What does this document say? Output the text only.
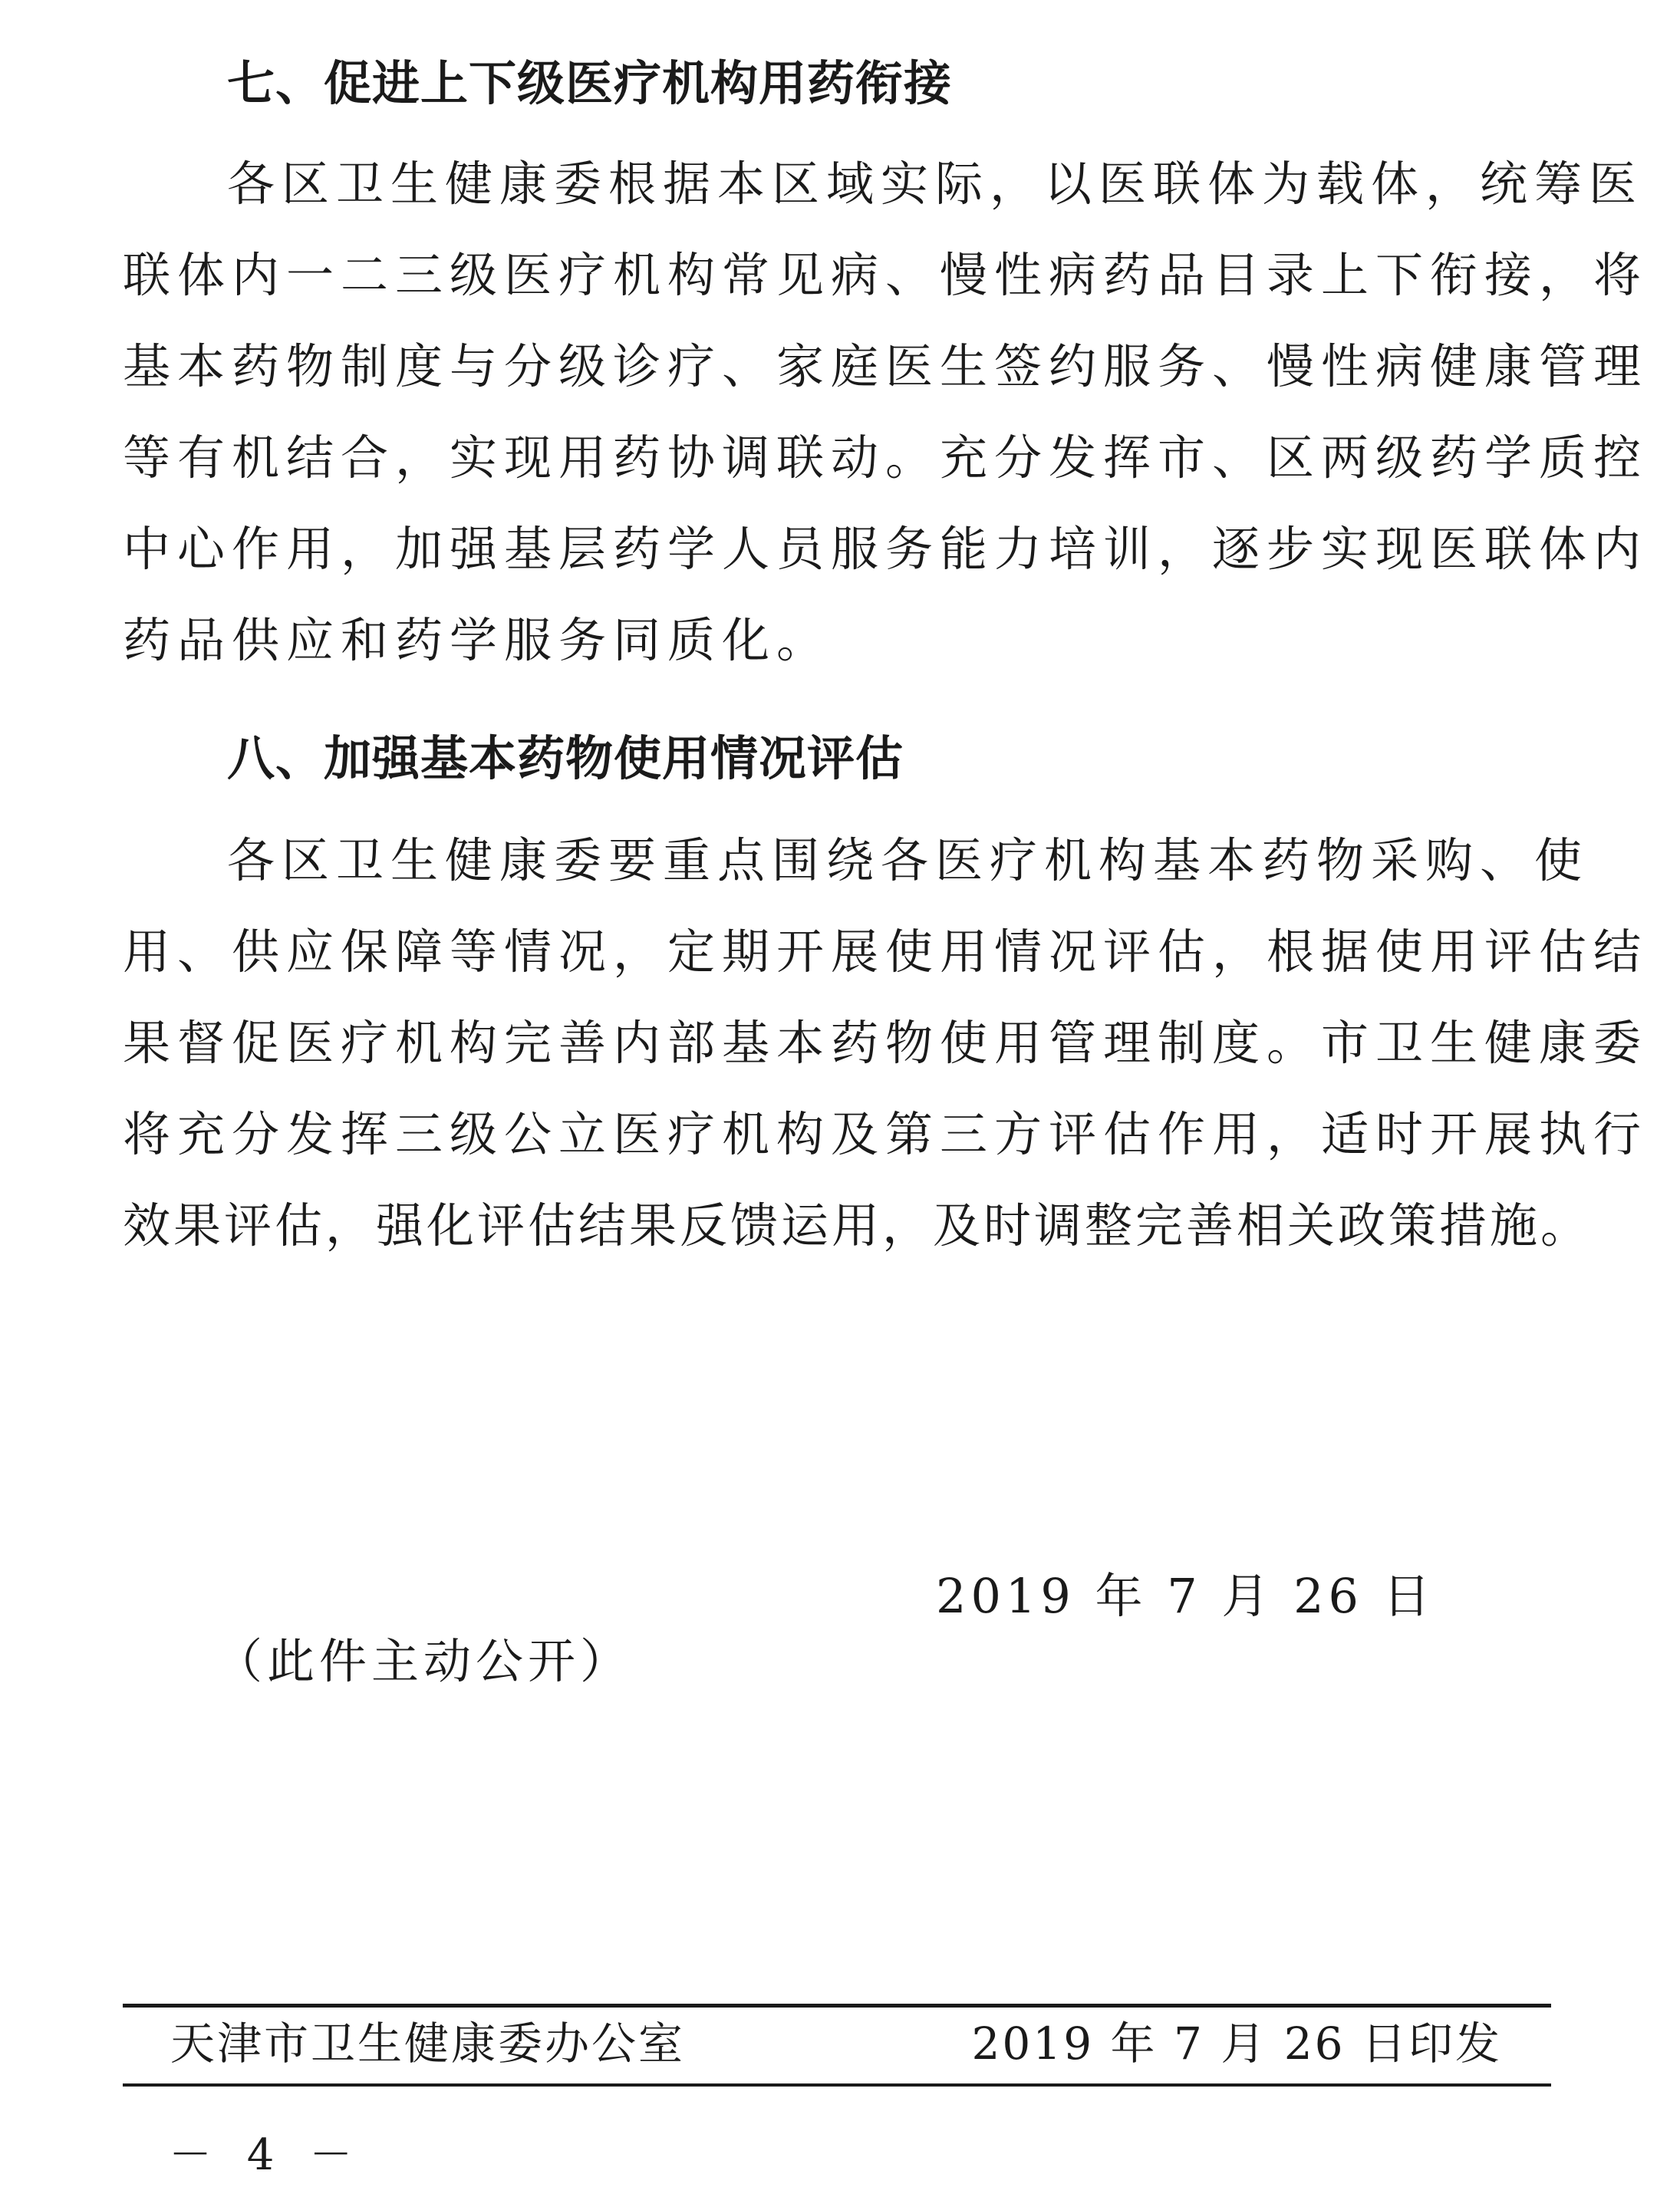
七、促进上下级医疗机构用药衔接
各区卫生健康委根据本区域实际，以医联体为载体，统筹医
联体内一二三级医疗机构常见病、慢性病药品目录上下衔接，将
基本药物制度与分级诊疗、家庭医生签约服务、慢性病健康管理
等有机结合，实现用药协调联动。充分发挥市、区两级药学质控
中心作用，加强基层药学人员服务能力培训，逐步实现医联体内
药品供应和药学服务同质化。
八、加强基本药物使用情况评估
各区卫生健康委要重点围绕各医疗机构基本药物采购、使
用、供应保障等情况，定期开展使用情况评估，根据使用评估结
果督促医疗机构完善内部基本药物使用管理制度。市卫生健康委
将充分发挥三级公立医疗机构及第三方评估作用，适时开展执行
效果评估，强化评估结果反馈运用，及时调整完善相关政策措施。
2019 年 7 月 26 日
（此件主动公开）
天津市卫生健康委办公室	2019 年 7 月 26 日印发
－ 4 －
